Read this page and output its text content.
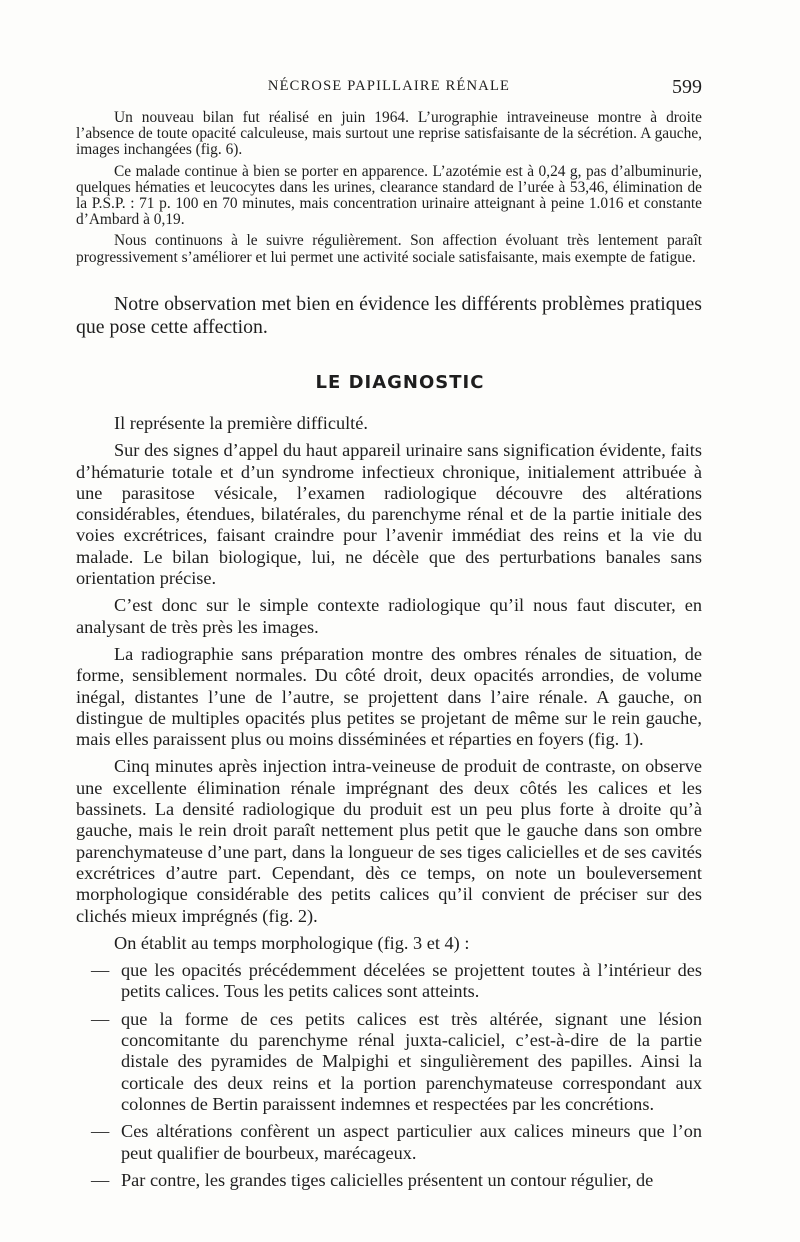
NÉCROSE PAPILLAIRE RÉNALE	599

Un nouveau bilan fut réalisé en juin 1964. L’urographie intraveineuse montre à droite l’absence de toute opacité calculeuse, mais surtout une reprise satisfaisante de la sécrétion. A gauche, images inchangées (fig. 6).

Ce malade continue à bien se porter en apparence. L’azotémie est à 0,24 g, pas d’albuminurie, quelques hématies et leucocytes dans les urines, clearance standard de l’urée à 53,46, élimination de la P.S.P. : 71 p. 100 en 70 minutes, mais concentration urinaire atteignant à peine 1.016 et constante d’Ambard à 0,19.

Nous continuons à le suivre régulièrement. Son affection évoluant très lentement paraît progressivement s’améliorer et lui permet une activité sociale satisfaisante, mais exempte de fatigue.

Notre observation met bien en évidence les différents problèmes pratiques que pose cette affection.

LE DIAGNOSTIC

Il représente la première difficulté.

Sur des signes d’appel du haut appareil urinaire sans signification évidente, faits d’hématurie totale et d’un syndrome infectieux chronique, initialement attribuée à une parasitose vésicale, l’examen radiologique découvre des altérations considérables, étendues, bilatérales, du parenchyme rénal et de la partie initiale des voies excrétrices, faisant craindre pour l’avenir immédiat des reins et la vie du malade. Le bilan biologique, lui, ne décèle que des perturbations banales sans orientation précise.

C’est donc sur le simple contexte radiologique qu’il nous faut discuter, en analysant de très près les images.

La radiographie sans préparation montre des ombres rénales de situation, de forme, sensiblement normales. Du côté droit, deux opacités arrondies, de volume inégal, distantes l’une de l’autre, se projettent dans l’aire rénale. A gauche, on distingue de multiples opacités plus petites se projetant de même sur le rein gauche, mais elles paraissent plus ou moins disséminées et réparties en foyers (fig. 1).

Cinq minutes après injection intra-veineuse de produit de contraste, on observe une excellente élimination rénale imprégnant des deux côtés les calices et les bassinets. La densité radiologique du produit est un peu plus forte à droite qu’à gauche, mais le rein droit paraît nettement plus petit que le gauche dans son ombre parenchymateuse d’une part, dans la longueur de ses tiges calicielles et de ses cavités excrétrices d’autre part. Cependant, dès ce temps, on note un bouleversement morphologique considérable des petits calices qu’il convient de préciser sur des clichés mieux imprégnés (fig. 2).

On établit au temps morphologique (fig. 3 et 4) :

— que les opacités précédemment décelées se projettent toutes à l’intérieur des petits calices. Tous les petits calices sont atteints.
— que la forme de ces petits calices est très altérée, signant une lésion concomitante du parenchyme rénal juxta-caliciel, c’est-à-dire de la partie distale des pyramides de Malpighi et singulièrement des papilles. Ainsi la corticale des deux reins et la portion parenchymateuse correspondant aux colonnes de Bertin paraissent indemnes et respectées par les concrétions.
— Ces altérations confèrent un aspect particulier aux calices mineurs que l’on peut qualifier de bourbeux, marécageux.
— Par contre, les grandes tiges calicielles présentent un contour régulier, de
